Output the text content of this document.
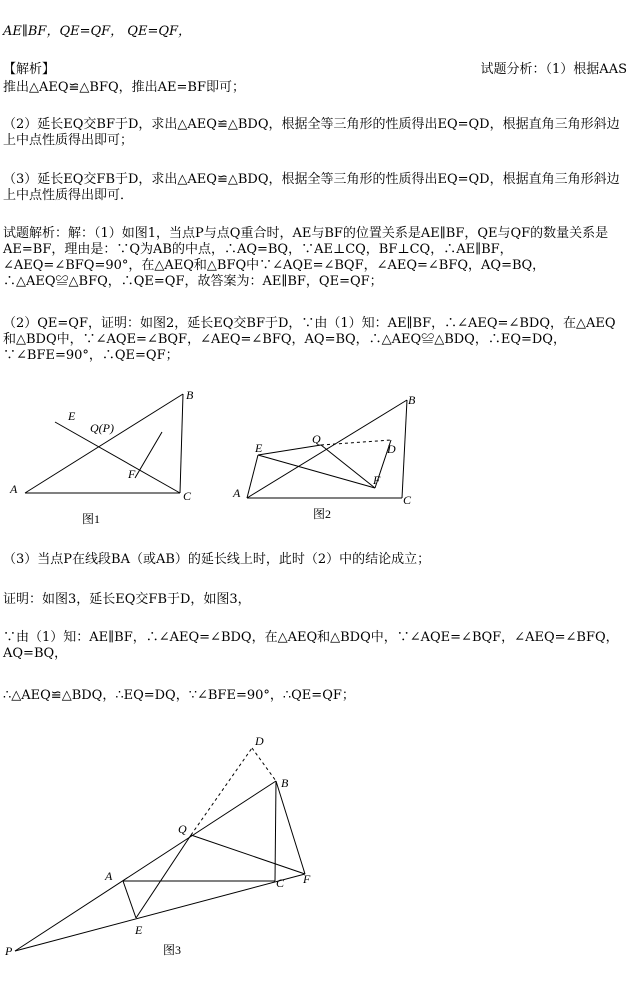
AE∥BF，QE=QF， QE=QF，
【解析】	试题分析：（1）根据AAS
推出△AEQ≌△BFQ，推出AE=BF即可；
（2）延长EQ交BF于D，求出△AEQ≌△BDQ，根据全等三角形的性质得出EQ=QD，根据直角三角形斜边上中点性质得出即可；
（3）延长EQ交FB于D，求出△AEQ≌△BDQ，根据全等三角形的性质得出EQ=QD，根据直角三角形斜边上中点性质得出即可．
试题解析：解：（1）如图1，当点P与点Q重合时，AE与BF的位置关系是AE∥BF，QE与QF的数量关系是AE=BF，理由是：∵Q为AB的中点，∴AQ=BQ，∵AE⊥CQ，BF⊥CQ，∴AE∥BF，∠AEQ=∠BFQ=90°，在△AEQ和△BFQ中∵∠AQE=∠BQF，∠AEQ=∠BFQ，AQ=BQ，∴△AEQ≌△BFQ，∴QE=QF，故答案为：AE∥BF，QE=QF；
（2）QE=QF，证明：如图2，延长EQ交BF于D，∵由（1）知：AE∥BF，∴∠AEQ=∠BDQ，在△AEQ和△BDQ中，∵∠AQE=∠BQF，∠AEQ=∠BFQ，AQ=BQ，∴△AEQ≌△BDQ，∴EQ=DQ，∵∠BFE=90°，∴QE=QF；
A
B
C
E
F
Q(P)
图1
A
B
C
D
E
F
Q
图2
（3）当点P在线段BA（或AB）的延长线上时，此时（2）中的结论成立；
证明：如图3，延长EQ交FB于D，如图3，
∵由（1）知：AE∥BF，∴∠AEQ=∠BDQ，在△AEQ和△BDQ中，∵∠AQE=∠BQF，∠AEQ=∠BFQ，AQ=BQ，
∴△AEQ≌△BDQ，∴EQ=DQ，∵∠BFE=90°，∴QE=QF；
P
A
B
C
D
E
F
Q
图3
